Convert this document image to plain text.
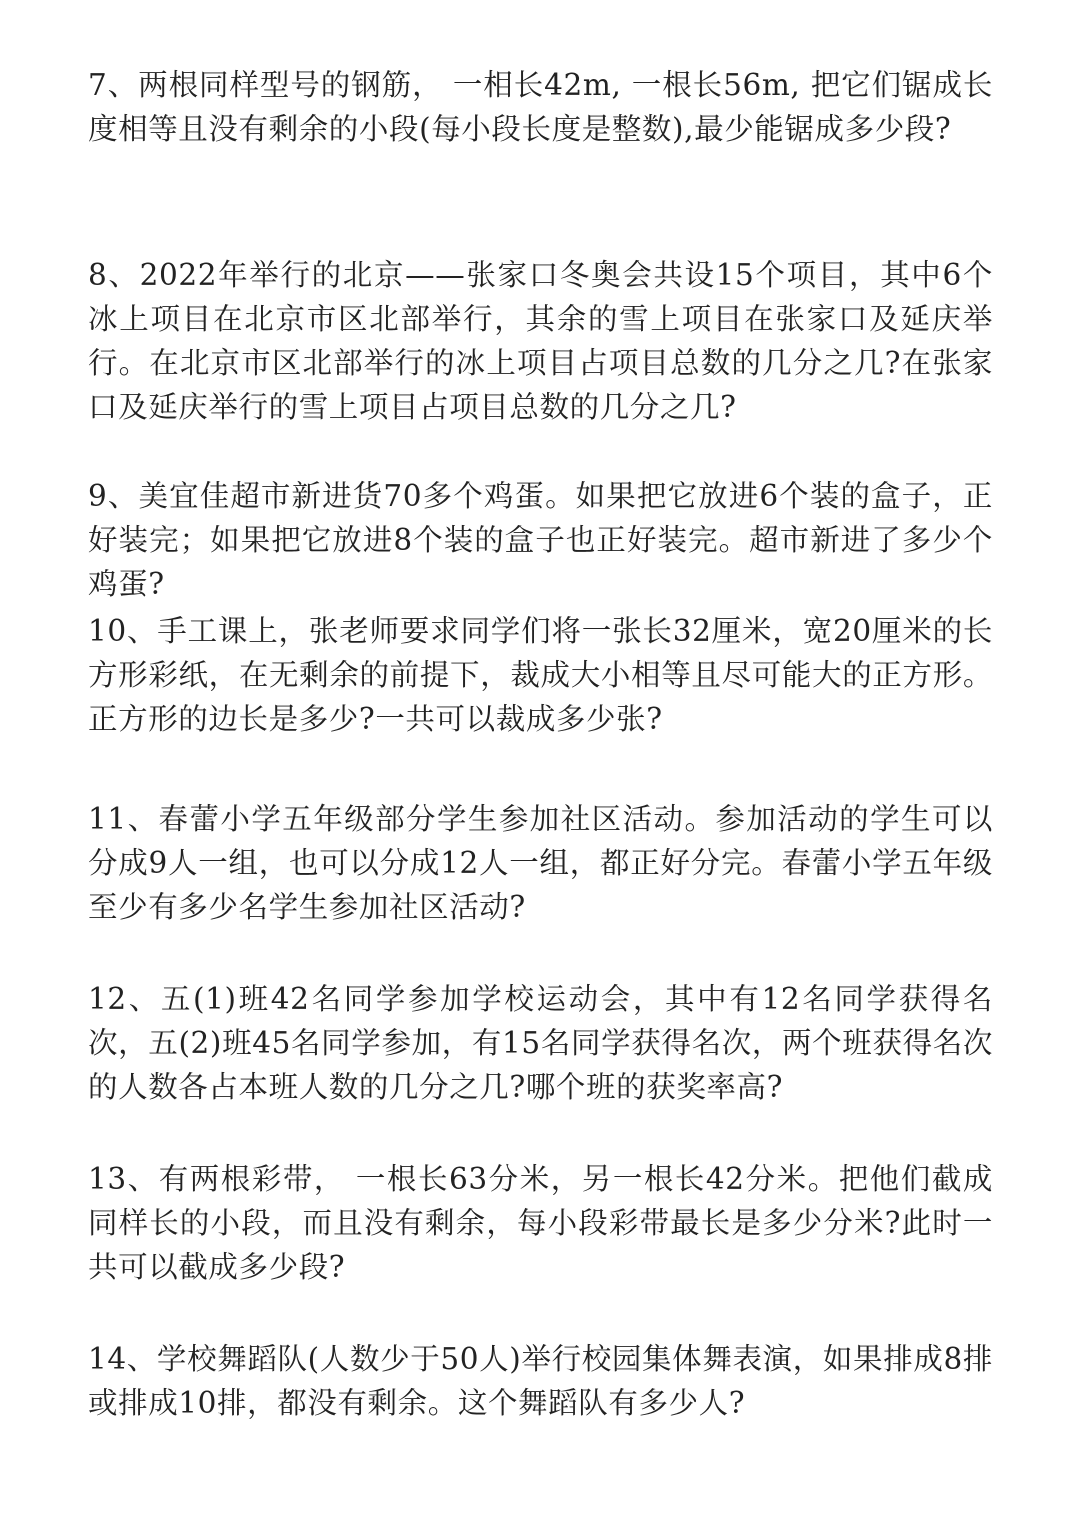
7、两根同样型号的钢筋， 一相长42m, 一根长56m, 把它们锯成长度相等且没有剩余的小段(每小段长度是整数),最少能锯成多少段?

8、2022年举行的北京——张家口冬奥会共设15个项目，其中6个冰上项目在北京市区北部举行，其余的雪上项目在张家口及延庆举行。在北京市区北部举行的冰上项目占项目总数的几分之几?在张家口及延庆举行的雪上项目占项目总数的几分之几?

9、美宜佳超市新进货70多个鸡蛋。如果把它放进6个装的盒子，正好装完；如果把它放进8个装的盒子也正好装完。超市新进了多少个鸡蛋?

10、手工课上，张老师要求同学们将一张长32厘米，宽20厘米的长方形彩纸，在无剩余的前提下，裁成大小相等且尽可能大的正方形。正方形的边长是多少?一共可以裁成多少张?

11、春蕾小学五年级部分学生参加社区活动。参加活动的学生可以分成9人一组，也可以分成12人一组，都正好分完。春蕾小学五年级至少有多少名学生参加社区活动?

12、五(1)班42名同学参加学校运动会，其中有12名同学获得名次，五(2)班45名同学参加，有15名同学获得名次，两个班获得名次的人数各占本班人数的几分之几?哪个班的获奖率高?

13、有两根彩带， 一根长63分米，另一根长42分米。把他们截成同样长的小段，而且没有剩余，每小段彩带最长是多少分米?此时一共可以截成多少段?

14、学校舞蹈队(人数少于50人)举行校园集体舞表演，如果排成8排或排成10排，都没有剩余。这个舞蹈队有多少人?
